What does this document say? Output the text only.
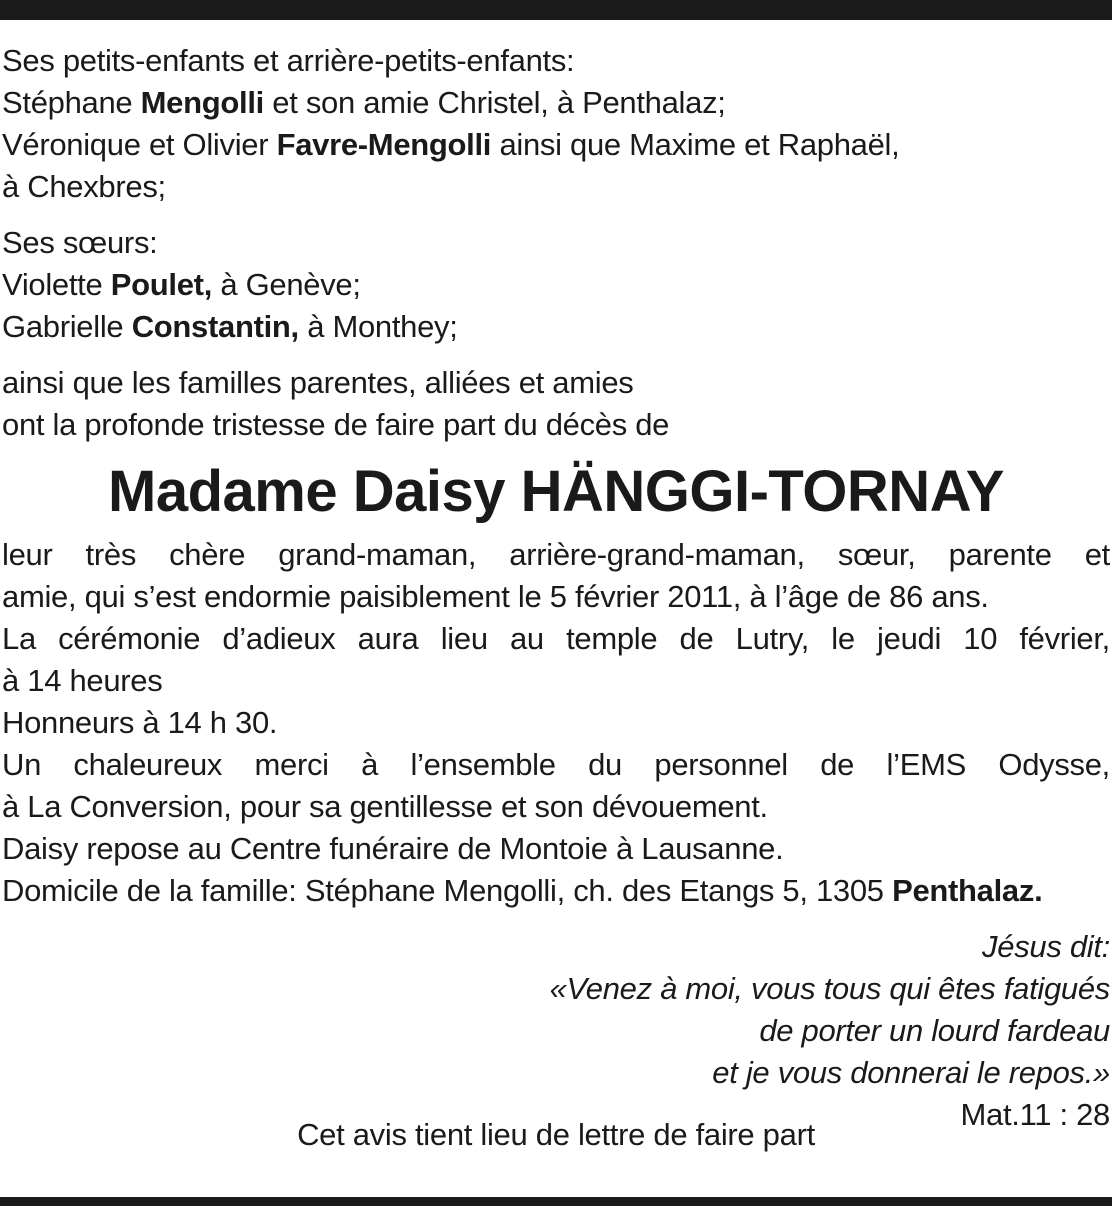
Ses petits-enfants et arrière-petits-enfants:

Stéphane Mengolli et son amie Christel, à Penthalaz;

Véronique et Olivier Favre-Mengolli ainsi que Maxime et Raphaël,

à Chexbres;

Ses sœurs:

Violette Poulet, à Genève;

Gabrielle Constantin, à Monthey;

ainsi que les familles parentes, alliées et amies

ont la profonde tristesse de faire part du décès de

Madame Daisy HÄNGGI-TORNAY

leur très chère grand-maman, arrière-grand-maman, sœur, parente et

amie, qui s’est endormie paisiblement le 5 février 2011, à l’âge de 86 ans.

La cérémonie d’adieux aura lieu au temple de Lutry, le jeudi 10 février,

à 14 heures

Honneurs à 14 h 30.

Un chaleureux merci à l’ensemble du personnel de l’EMS Odysse,

à La Conversion, pour sa gentillesse et son dévouement.

Daisy repose au Centre funéraire de Montoie à Lausanne.

Domicile de la famille: Stéphane Mengolli, ch. des Etangs 5, 1305 Penthalaz.

Jésus dit:

«Venez à moi, vous tous qui êtes fatigués

de porter un lourd fardeau

et je vous donnerai le repos.»

Mat.11 : 28

Cet avis tient lieu de lettre de faire part
